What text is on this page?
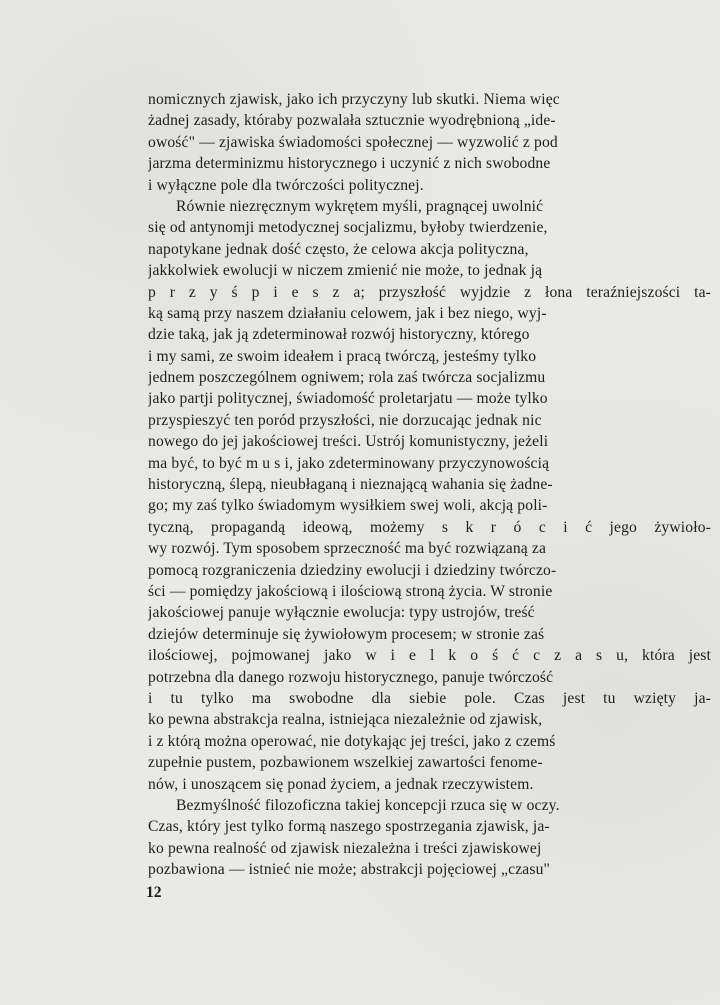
nomicznych zjawisk, jako ich przyczyny lub skutki. Niema więc
żadnej zasady, któraby pozwalała sztucznie wyodrębnioną „ide-
owość" — zjawiska świadomości społecznej — wyzwolić z pod
jarzma determinizmu historycznego i uczynić z nich swobodne
i wyłączne pole dla twórczości politycznej.
Równie niezręcznym wykrętem myśli, pragnącej uwolnić
się od antynomji metodycznej socjalizmu, byłoby twierdzenie,
napotykane jednak dość często, że celowa akcja polityczna,
jakkolwiek ewolucji w niczem zmienić nie może, to jednak ją
p r z y ś p i e s z a; przyszłość wyjdzie z łona teraźniejszości ta-
ką samą przy naszem działaniu celowem, jak i bez niego, wyj-
dzie taką, jak ją zdeterminował rozwój historyczny, którego
i my sami, ze swoim ideałem i pracą twórczą, jesteśmy tylko
jednem poszczególnem ogniwem; rola zaś twórcza socjalizmu
jako partji politycznej, świadomość proletarjatu — może tylko
przyspieszyć ten poród przyszłości, nie dorzucając jednak nic
nowego do jej jakościowej treści. Ustrój komunistyczny, jeżeli
ma być, to być m u s i, jako zdeterminowany przyczynowością
historyczną, ślepą, nieubłaganą i nieznającą wahania się żadne-
go; my zaś tylko świadomym wysiłkiem swej woli, akcją poli-
tyczną, propagandą ideową, możemy s k r ó c i ć jego żywioło-
wy rozwój. Tym sposobem sprzeczność ma być rozwiązaną za
pomocą rozgraniczenia dziedziny ewolucji i dziedziny twórczo-
ści — pomiędzy jakościową i ilościową stroną życia. W stronie
jakościowej panuje wyłącznie ewolucja: typy ustrojów, treść
dziejów determinuje się żywiołowym procesem; w stronie zaś
ilościowej, pojmowanej jako w i e l k o ś ć c z a s u, która jest
potrzebna dla danego rozwoju historycznego, panuje twórczość
i tu tylko ma swobodne dla siebie pole. Czas jest tu wzięty ja-
ko pewna abstrakcja realna, istniejąca niezależnie od zjawisk,
i z którą można operować, nie dotykając jej treści, jako z czemś
zupełnie pustem, pozbawionem wszelkiej zawartości fenome-
nów, i unoszącem się ponad życiem, a jednak rzeczywistem.
Bezmyślność filozoficzna takiej koncepcji rzuca się w oczy.
Czas, który jest tylko formą naszego spostrzegania zjawisk, ja-
ko pewna realność od zjawisk niezależna i treści zjawiskowej
pozbawiona — istnieć nie może; abstrakcji pojęciowej „czasu"
12
